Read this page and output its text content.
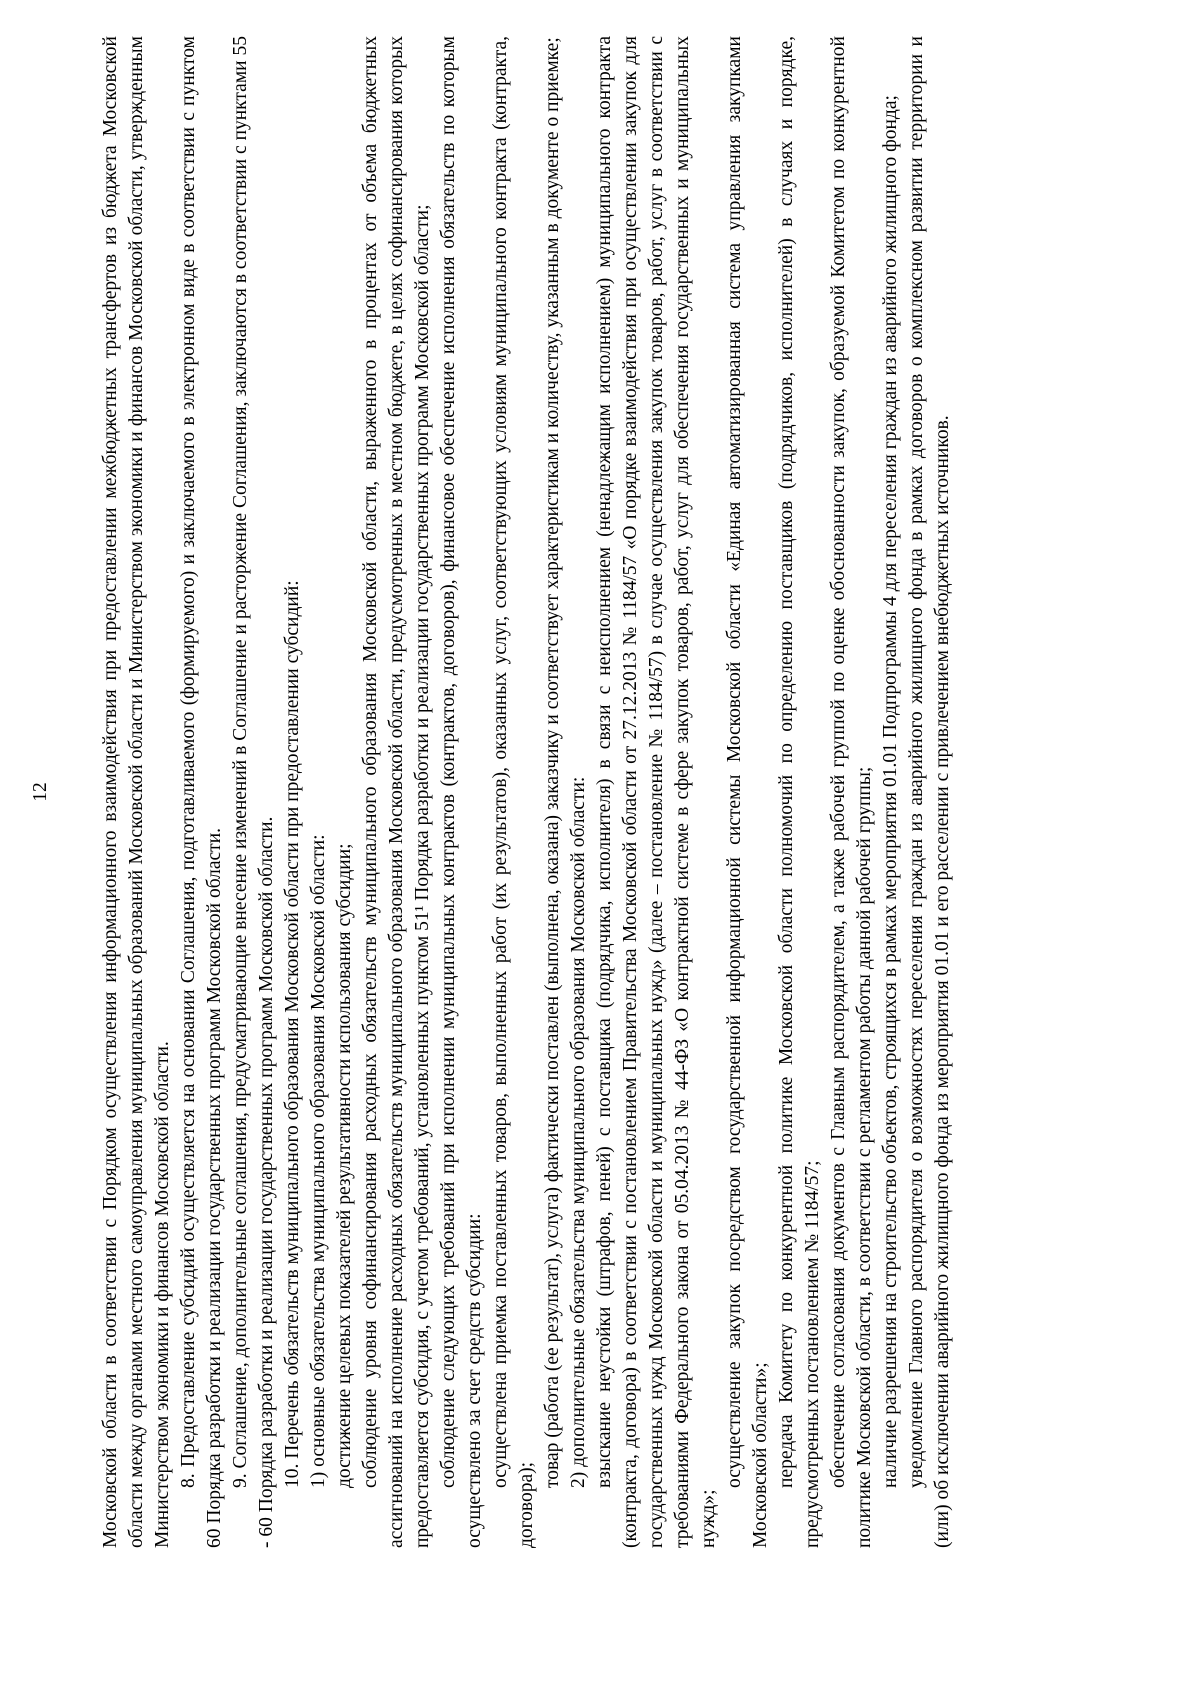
12	Московской области в соответствии с Порядком осуществления информационного взаимодействия при предоставлении межбюджетных трансфертов из бюджета Московской области между органами местного самоуправления муниципальных образований Московской области и Министерством экономики и финансов Московской области, утвержденным Министерством экономики и финансов Московской области. 8. Предоставление субсидий осуществляется на основании Соглашения, подготавливаемого (формируемого) и заключаемого в электронном виде в соответствии с пунктом 60 Порядка разработки и реализации государственных программ Московской области. 9. Соглашение, дополнительные соглашения, предусматривающие внесение изменений в Соглашение и расторжение Соглашения, заключаются в соответствии с пунктами 55 - 60 Порядка разработки и реализации государственных программ Московской области. 10. Перечень обязательств муниципального образования Московской области при предоставлении субсидий: 1) основные обязательства муниципального образования Московской области: достижение целевых показателей результативности использования субсидии; соблюдение уровня софинансирования расходных обязательств муниципального образования Московской области, выраженного в процентах от объема бюджетных ассигнований на исполнение расходных обязательств муниципального образования Московской области, предусмотренных в местном бюджете, в целях софинансирования которых предоставляется субсидия, с учетом требований, установленных пунктом 51¹ Порядка разработки и реализации государственных программ Московской области; соблюдение следующих требований при исполнении муниципальных контрактов (контрактов, договоров), финансовое обеспечение исполнения обязательств по которым осуществлено за счет средств субсидии: осуществлена приемка поставленных товаров, выполненных работ (их результатов), оказанных услуг, соответствующих условиям муниципального контракта (контракта, договора);

товар (работа (ее результат), услуга) фактически поставлен (выполнена, оказана) заказчику и соответствует характеристикам и количеству, указанным в документе о приемке; 2) дополнительные обязательства муниципального образования Московской области: взыскание неустойки (штрафов, пеней) с поставщика (подрядчика, исполнителя) в связи с неисполнением (ненадлежащим исполнением) муниципального контракта (контракта, договора) в соответствии с постановлением Правительства Московской области от 27.12.2013 № 1184/57 «О порядке взаимодействия при осуществлении закупок для государственных нужд Московской области и муниципальных нужд» (далее – постановление № 1184/57) в случае осуществления закупок товаров, работ, услуг в соответствии с требованиями Федерального закона от 05.04.2013 № 44-ФЗ «О контрактной системе в сфере закупок товаров, работ, услуг для обеспечения государственных и муниципальных нужд»;

осуществление закупок посредством государственной информационной системы Московской области «Единая автоматизированная система управления закупками Московской области»; передача Комитету по конкурентной политике Московской области полномочий по определению поставщиков (подрядчиков, исполнителей) в случаях и порядке, предусмотренных постановлением № 1184/57; обеспечение согласования документов с Главным распорядителем, а также рабочей группой по оценке обоснованности закупок, образуемой Комитетом по конкурентной политике Московской области, в соответствии с регламентом работы данной рабочей группы; наличие разрешения на строительство объектов, строящихся в рамках мероприятия 01.01 Подпрограммы 4 для переселения граждан из аварийного жилищного фонда; уведомление Главного распорядителя о возможностях переселения граждан из аварийного жилищного фонда в рамках договоров о комплексном развитии территории и (или) об исключении аварийного жилищного фонда из мероприятия 01.01 и его расселении с привлечением внебюджетных источников.
